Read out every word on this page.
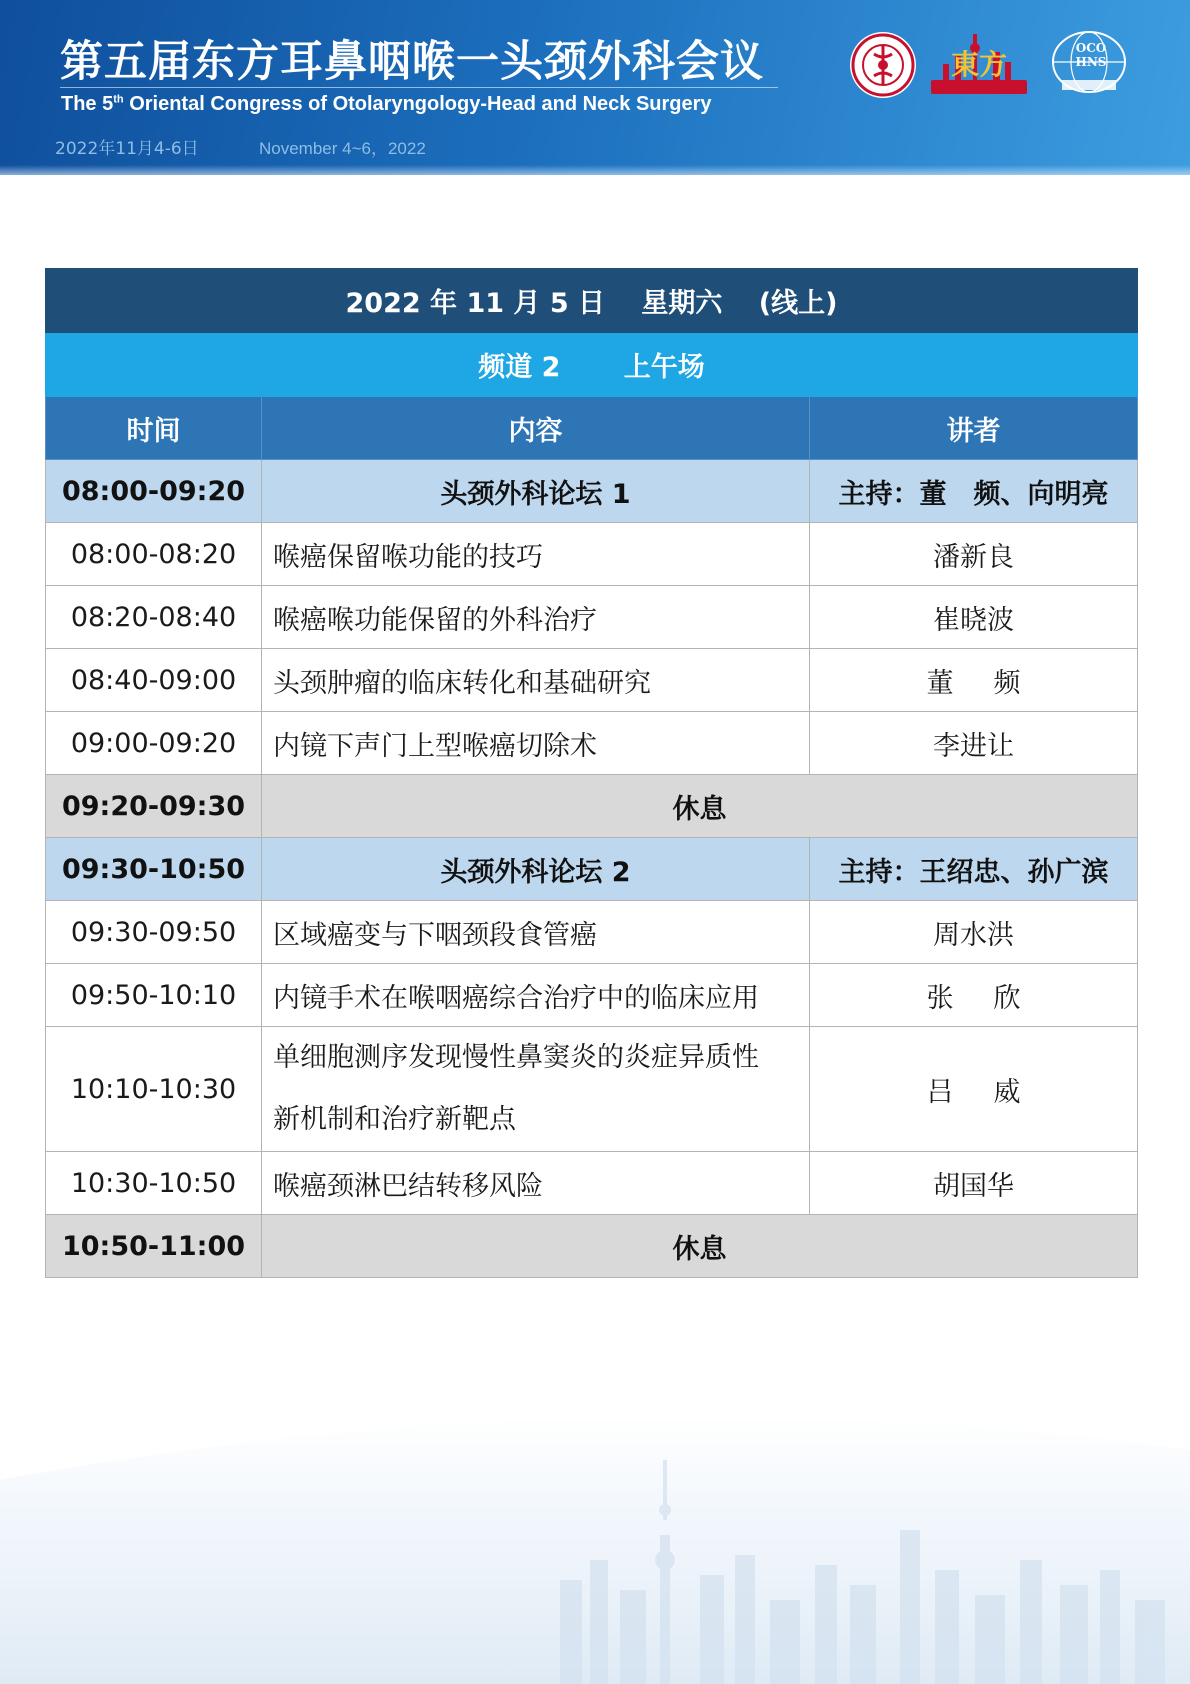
第五届东方耳鼻咽喉一头颈外科会议
The 5th Oriental Congress of Otolaryngology-Head and Neck Surgery
2022年11月4-6日	November 4~6，2022
東方	OCO
HNS
2022 年 11 月 5 日 　星期六 　(线上)		
频道 2 　　上午场		
时间	内容	讲者
08:00-09:20	头颈外科论坛 1	主持：董　频、向明亮
08:00-08:20	喉癌保留喉功能的技巧	潘新良
08:20-08:40	喉癌喉功能保留的外科治疗	崔晓波
08:40-09:00	头颈肿瘤的临床转化和基础研究	董 频
09:00-09:20	内镜下声门上型喉癌切除术	李进让
09:20-09:30	休息	
09:30-10:50	头颈外科论坛 2	主持：王绍忠、孙广滨
09:30-09:50	区域癌变与下咽颈段食管癌	周水洪
09:50-10:10	内镜手术在喉咽癌综合治疗中的临床应用	张 欣
10:10-10:30	单细胞测序发现慢性鼻窦炎的炎症异质性
新机制和治疗新靶点	吕 威
10:30-10:50	喉癌颈淋巴结转移风险	胡国华
10:50-11:00	休息	
